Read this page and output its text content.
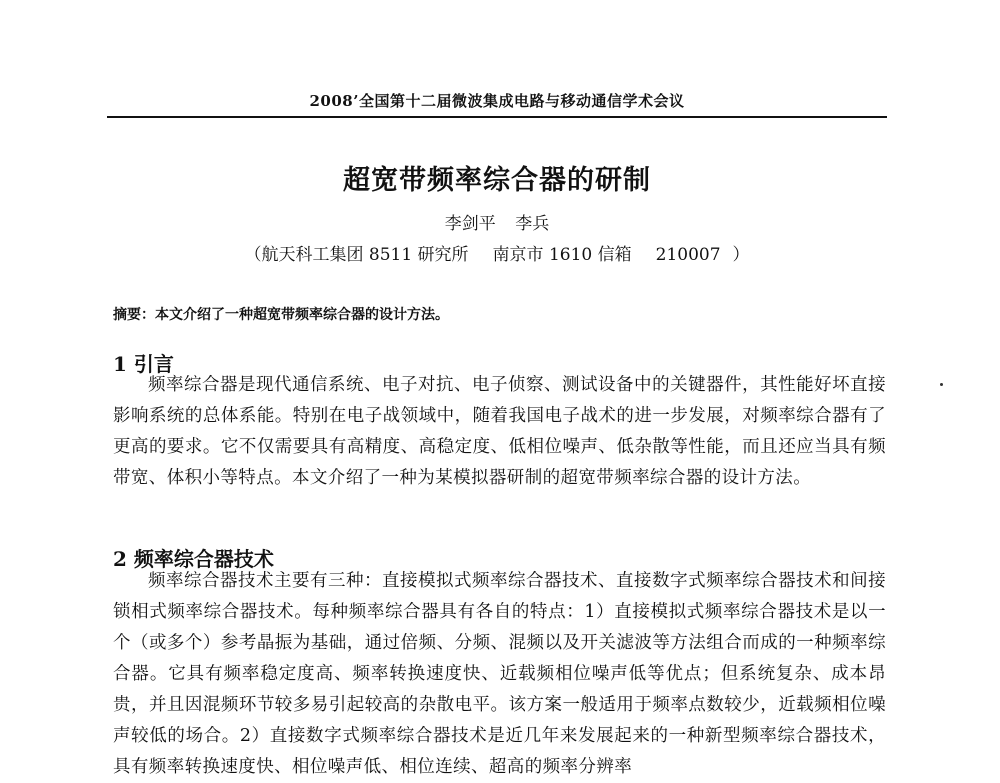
2008’全国第十二届微波集成电路与移动通信学术会议
超宽带频率综合器的研制
李剑平 李兵
（航天科工集团 8511 研究所 南京市 1610 信箱 210007 ）
摘要：本文介绍了一种超宽带频率综合器的设计方法。
1 引言

频率综合器是现代通信系统、电子对抗、电子侦察、测试设备中的关键器件，其性能好坏直接影响系统的总体系能。特别在电子战领域中，随着我国电子战术的进一步发展，对频率综合器有了更高的要求。它不仅需要具有高精度、高稳定度、低相位噪声、低杂散等性能，而且还应当具有频带宽、体积小等特点。本文介绍了一种为某模拟器研制的超宽带频率综合器的设计方法。

2 频率综合器技术

频率综合器技术主要有三种：直接模拟式频率综合器技术、直接数字式频率综合器技术和间接锁相式频率综合器技术。每种频率综合器具有各自的特点：1）直接模拟式频率综合器技术是以一个（或多个）参考晶振为基础，通过倍频、分频、混频以及开关滤波等方法组合而成的一种频率综合器。它具有频率稳定度高、频率转换速度快、近载频相位噪声低等优点；但系统复杂、成本昂贵，并且因混频环节较多易引起较高的杂散电平。该方案一般适用于频率点数较少，近载频相位噪声较低的场合。2）直接数字式频率综合器技术是近几年来发展起来的一种新型频率综合器技术，具有频率转换速度快、相位噪声低、相位连续、超高的频率分辨率
